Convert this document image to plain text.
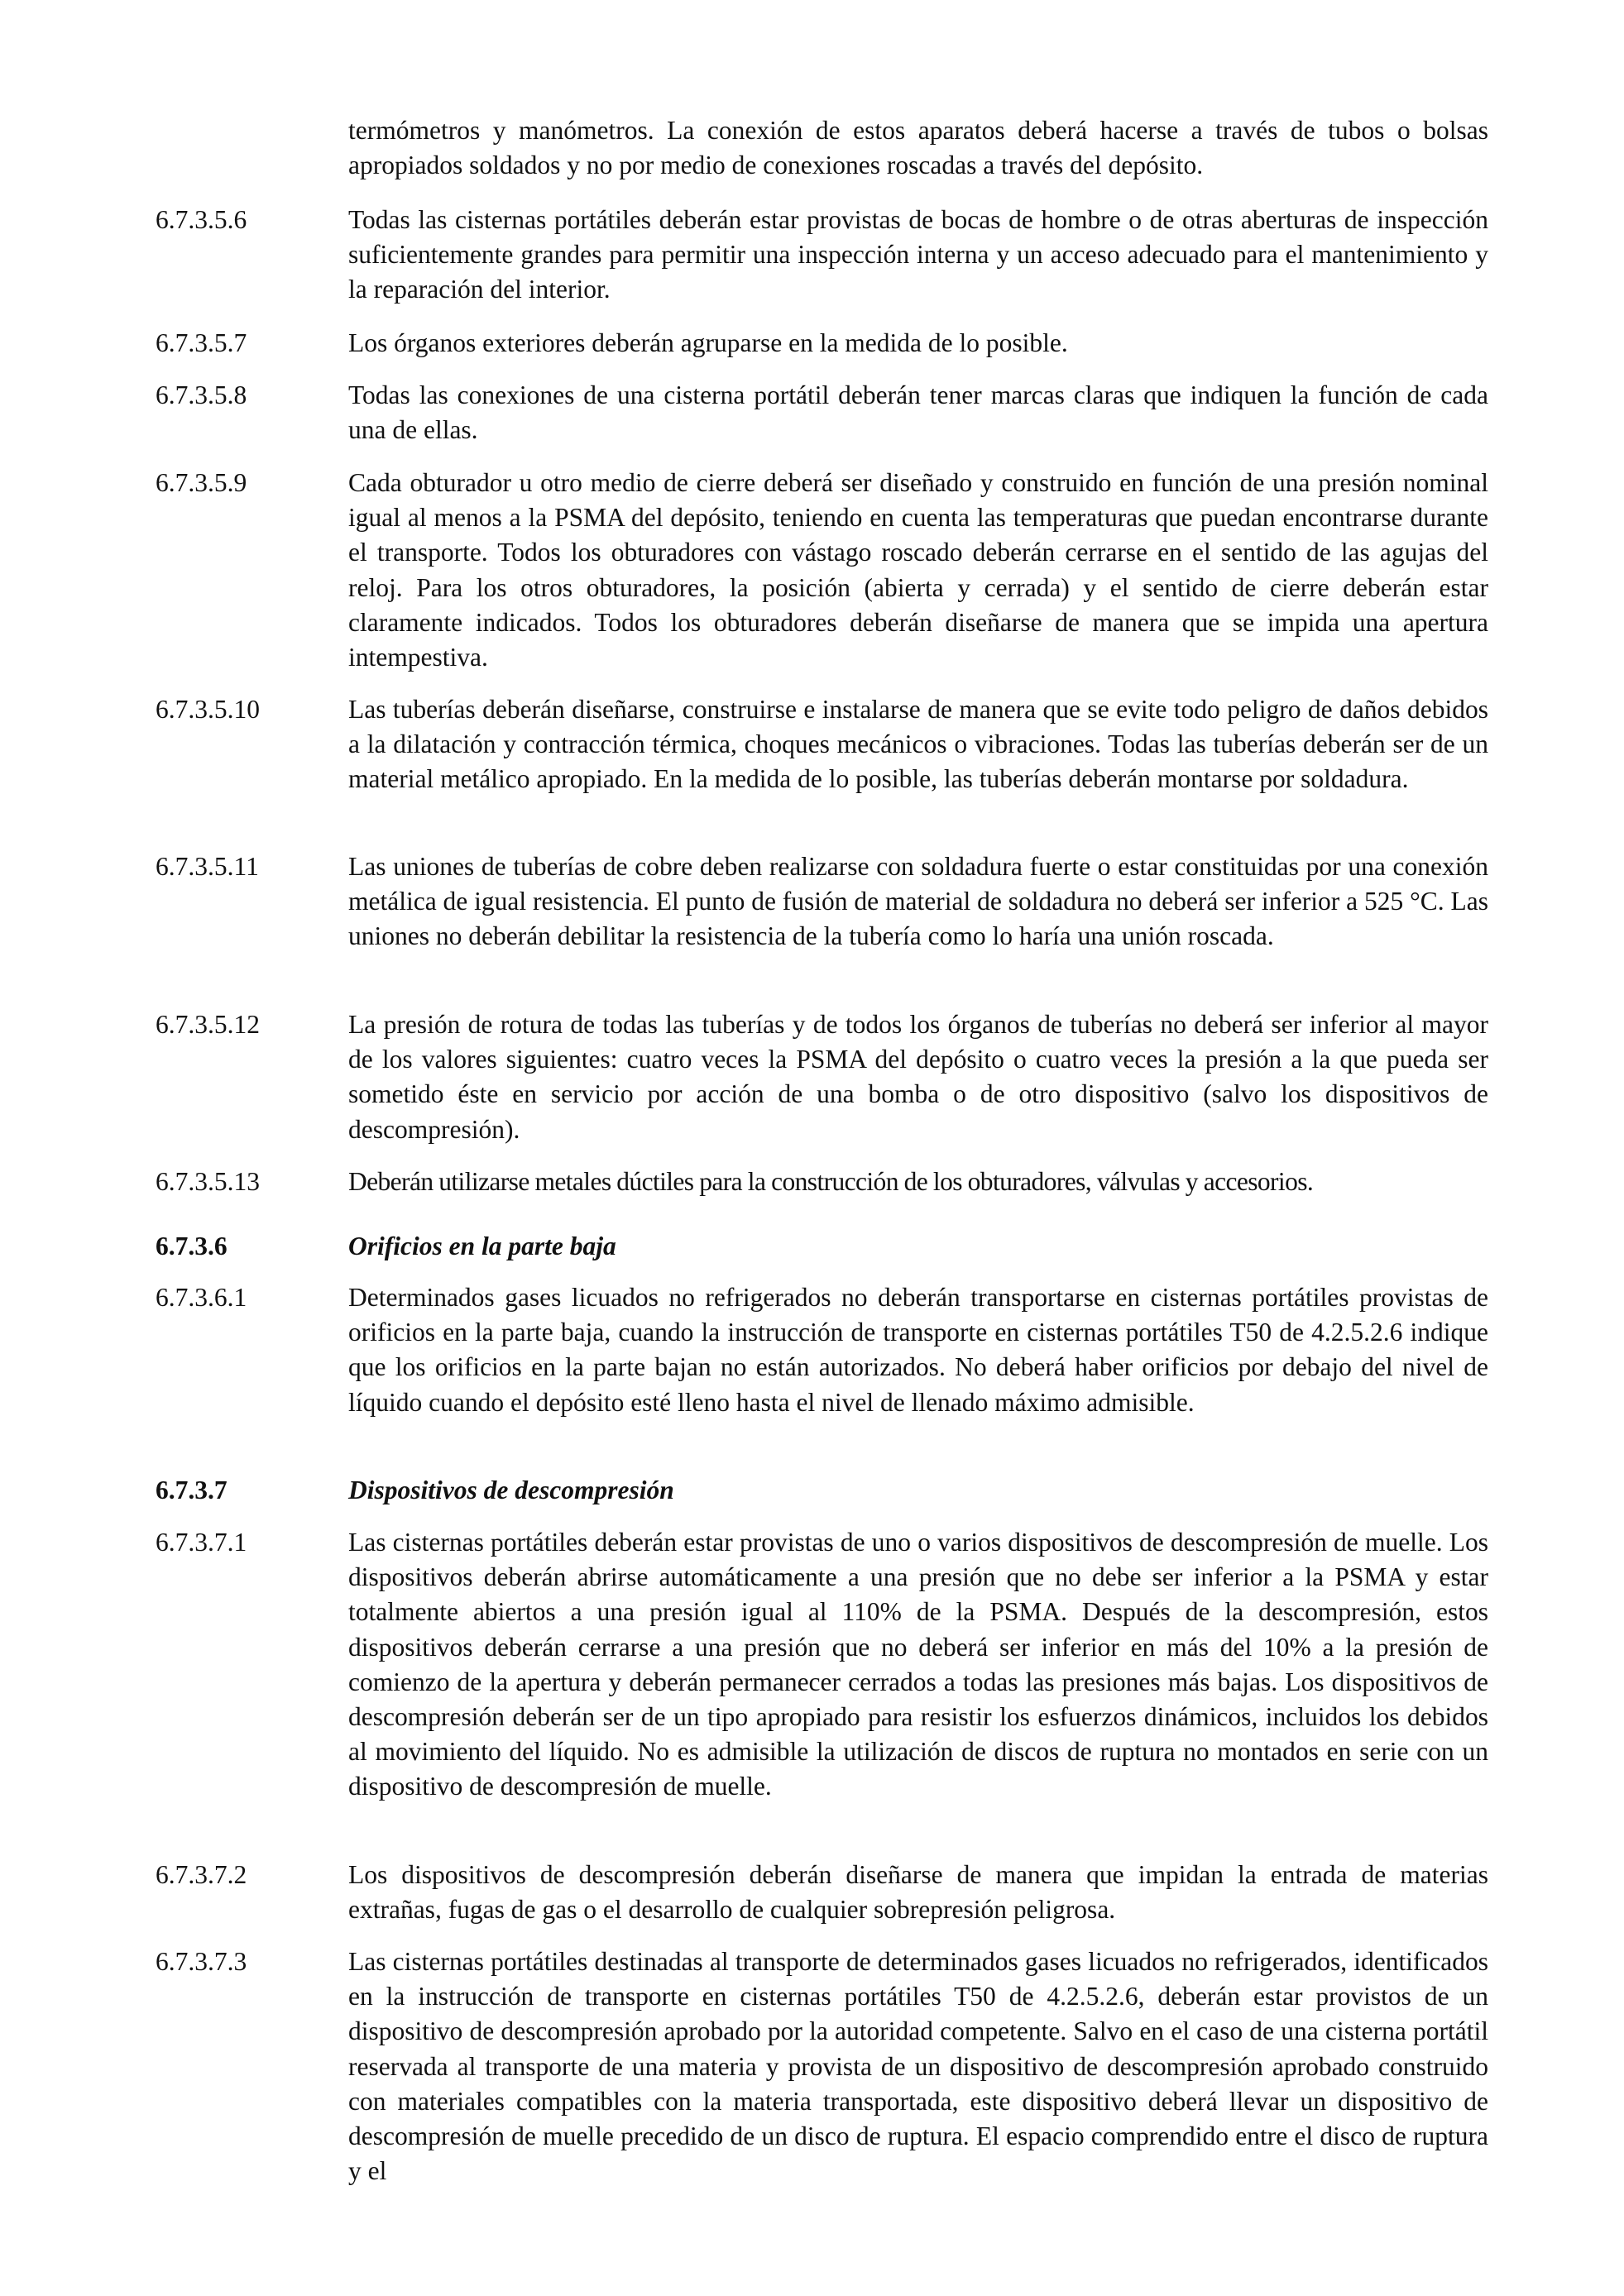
termómetros y manómetros. La conexión de estos aparatos deberá hacerse a través de tubos o bolsas apropiados soldados y no por medio de conexiones roscadas a través del depósito.

6.7.3.5.6	Todas las cisternas portátiles deberán estar provistas de bocas de hombre o de otras aberturas de inspección suficientemente grandes para permitir una inspección interna y un acceso adecuado para el mantenimiento y la reparación del interior.

6.7.3.5.7	Los órganos exteriores deberán agruparse en la medida de lo posible.

6.7.3.5.8	Todas las conexiones de una cisterna portátil deberán tener marcas claras que indiquen la función de cada una de ellas.

6.7.3.5.9	Cada obturador u otro medio de cierre deberá ser diseñado y construido en función de una presión nominal igual al menos a la PSMA del depósito, teniendo en cuenta las temperaturas que puedan encontrarse durante el transporte. Todos los obturadores con vástago roscado deberán cerrarse en el sentido de las agujas del reloj. Para los otros obturadores, la posición (abierta y cerrada) y el sentido de cierre deberán estar claramente indicados. Todos los obturadores deberán diseñarse de manera que se impida una apertura intempestiva.

6.7.3.5.10	Las tuberías deberán diseñarse, construirse e instalarse de manera que se evite todo peligro de daños debidos a la dilatación y contracción térmica, choques mecánicos o vibraciones. Todas las tuberías deberán ser de un material metálico apropiado. En la medida de lo posible, las tuberías deberán montarse por soldadura.

6.7.3.5.11	Las uniones de tuberías de cobre deben realizarse con soldadura fuerte o estar constituidas por una conexión metálica de igual resistencia. El punto de fusión de material de soldadura no deberá ser inferior a 525 °C. Las uniones no deberán debilitar la resistencia de la tubería como lo haría una unión roscada.

6.7.3.5.12	La presión de rotura de todas las tuberías y de todos los órganos de tuberías no deberá ser inferior al mayor de los valores siguientes: cuatro veces la PSMA del depósito o cuatro veces la presión a la que pueda ser sometido éste en servicio por acción de una bomba o de otro dispositivo (salvo los dispositivos de descompresión).

6.7.3.5.13	Deberán utilizarse metales dúctiles para la construcción de los obturadores, válvulas y accesorios.

6.7.3.6	Orificios en la parte baja

6.7.3.6.1	Determinados gases licuados no refrigerados no deberán transportarse en cisternas portátiles provistas de orificios en la parte baja, cuando la instrucción de transporte en cisternas portátiles T50 de 4.2.5.2.6 indique que los orificios en la parte bajan no están autorizados. No deberá haber orificios por debajo del nivel de líquido cuando el depósito esté lleno hasta el nivel de llenado máximo admisible.

6.7.3.7	Dispositivos de descompresión

6.7.3.7.1	Las cisternas portátiles deberán estar provistas de uno o varios dispositivos de descompresión de muelle. Los dispositivos deberán abrirse automáticamente a una presión que no debe ser inferior a la PSMA y estar totalmente abiertos a una presión igual al 110% de la PSMA. Después de la descompresión, estos dispositivos deberán cerrarse a una presión que no deberá ser inferior en más del 10% a la presión de comienzo de la apertura y deberán permanecer cerrados a todas las presiones más bajas. Los dispositivos de descompresión deberán ser de un tipo apropiado para resistir los esfuerzos dinámicos, incluidos los debidos al movimiento del líquido. No es admisible la utilización de discos de ruptura no montados en serie con un dispositivo de descompresión de muelle.

6.7.3.7.2	Los dispositivos de descompresión deberán diseñarse de manera que impidan la entrada de materias extrañas, fugas de gas o el desarrollo de cualquier sobrepresión peligrosa.

6.7.3.7.3	Las cisternas portátiles destinadas al transporte de determinados gases licuados no refrigerados, identificados en la instrucción de transporte en cisternas portátiles T50 de 4.2.5.2.6, deberán estar provistos de un dispositivo de descompresión aprobado por la autoridad competente. Salvo en el caso de una cisterna portátil reservada al transporte de una materia y provista de un dispositivo de descompresión aprobado construido con materiales compatibles con la materia transportada, este dispositivo deberá llevar un dispositivo de descompresión de muelle precedido de un disco de ruptura. El espacio comprendido entre el disco de ruptura y el
